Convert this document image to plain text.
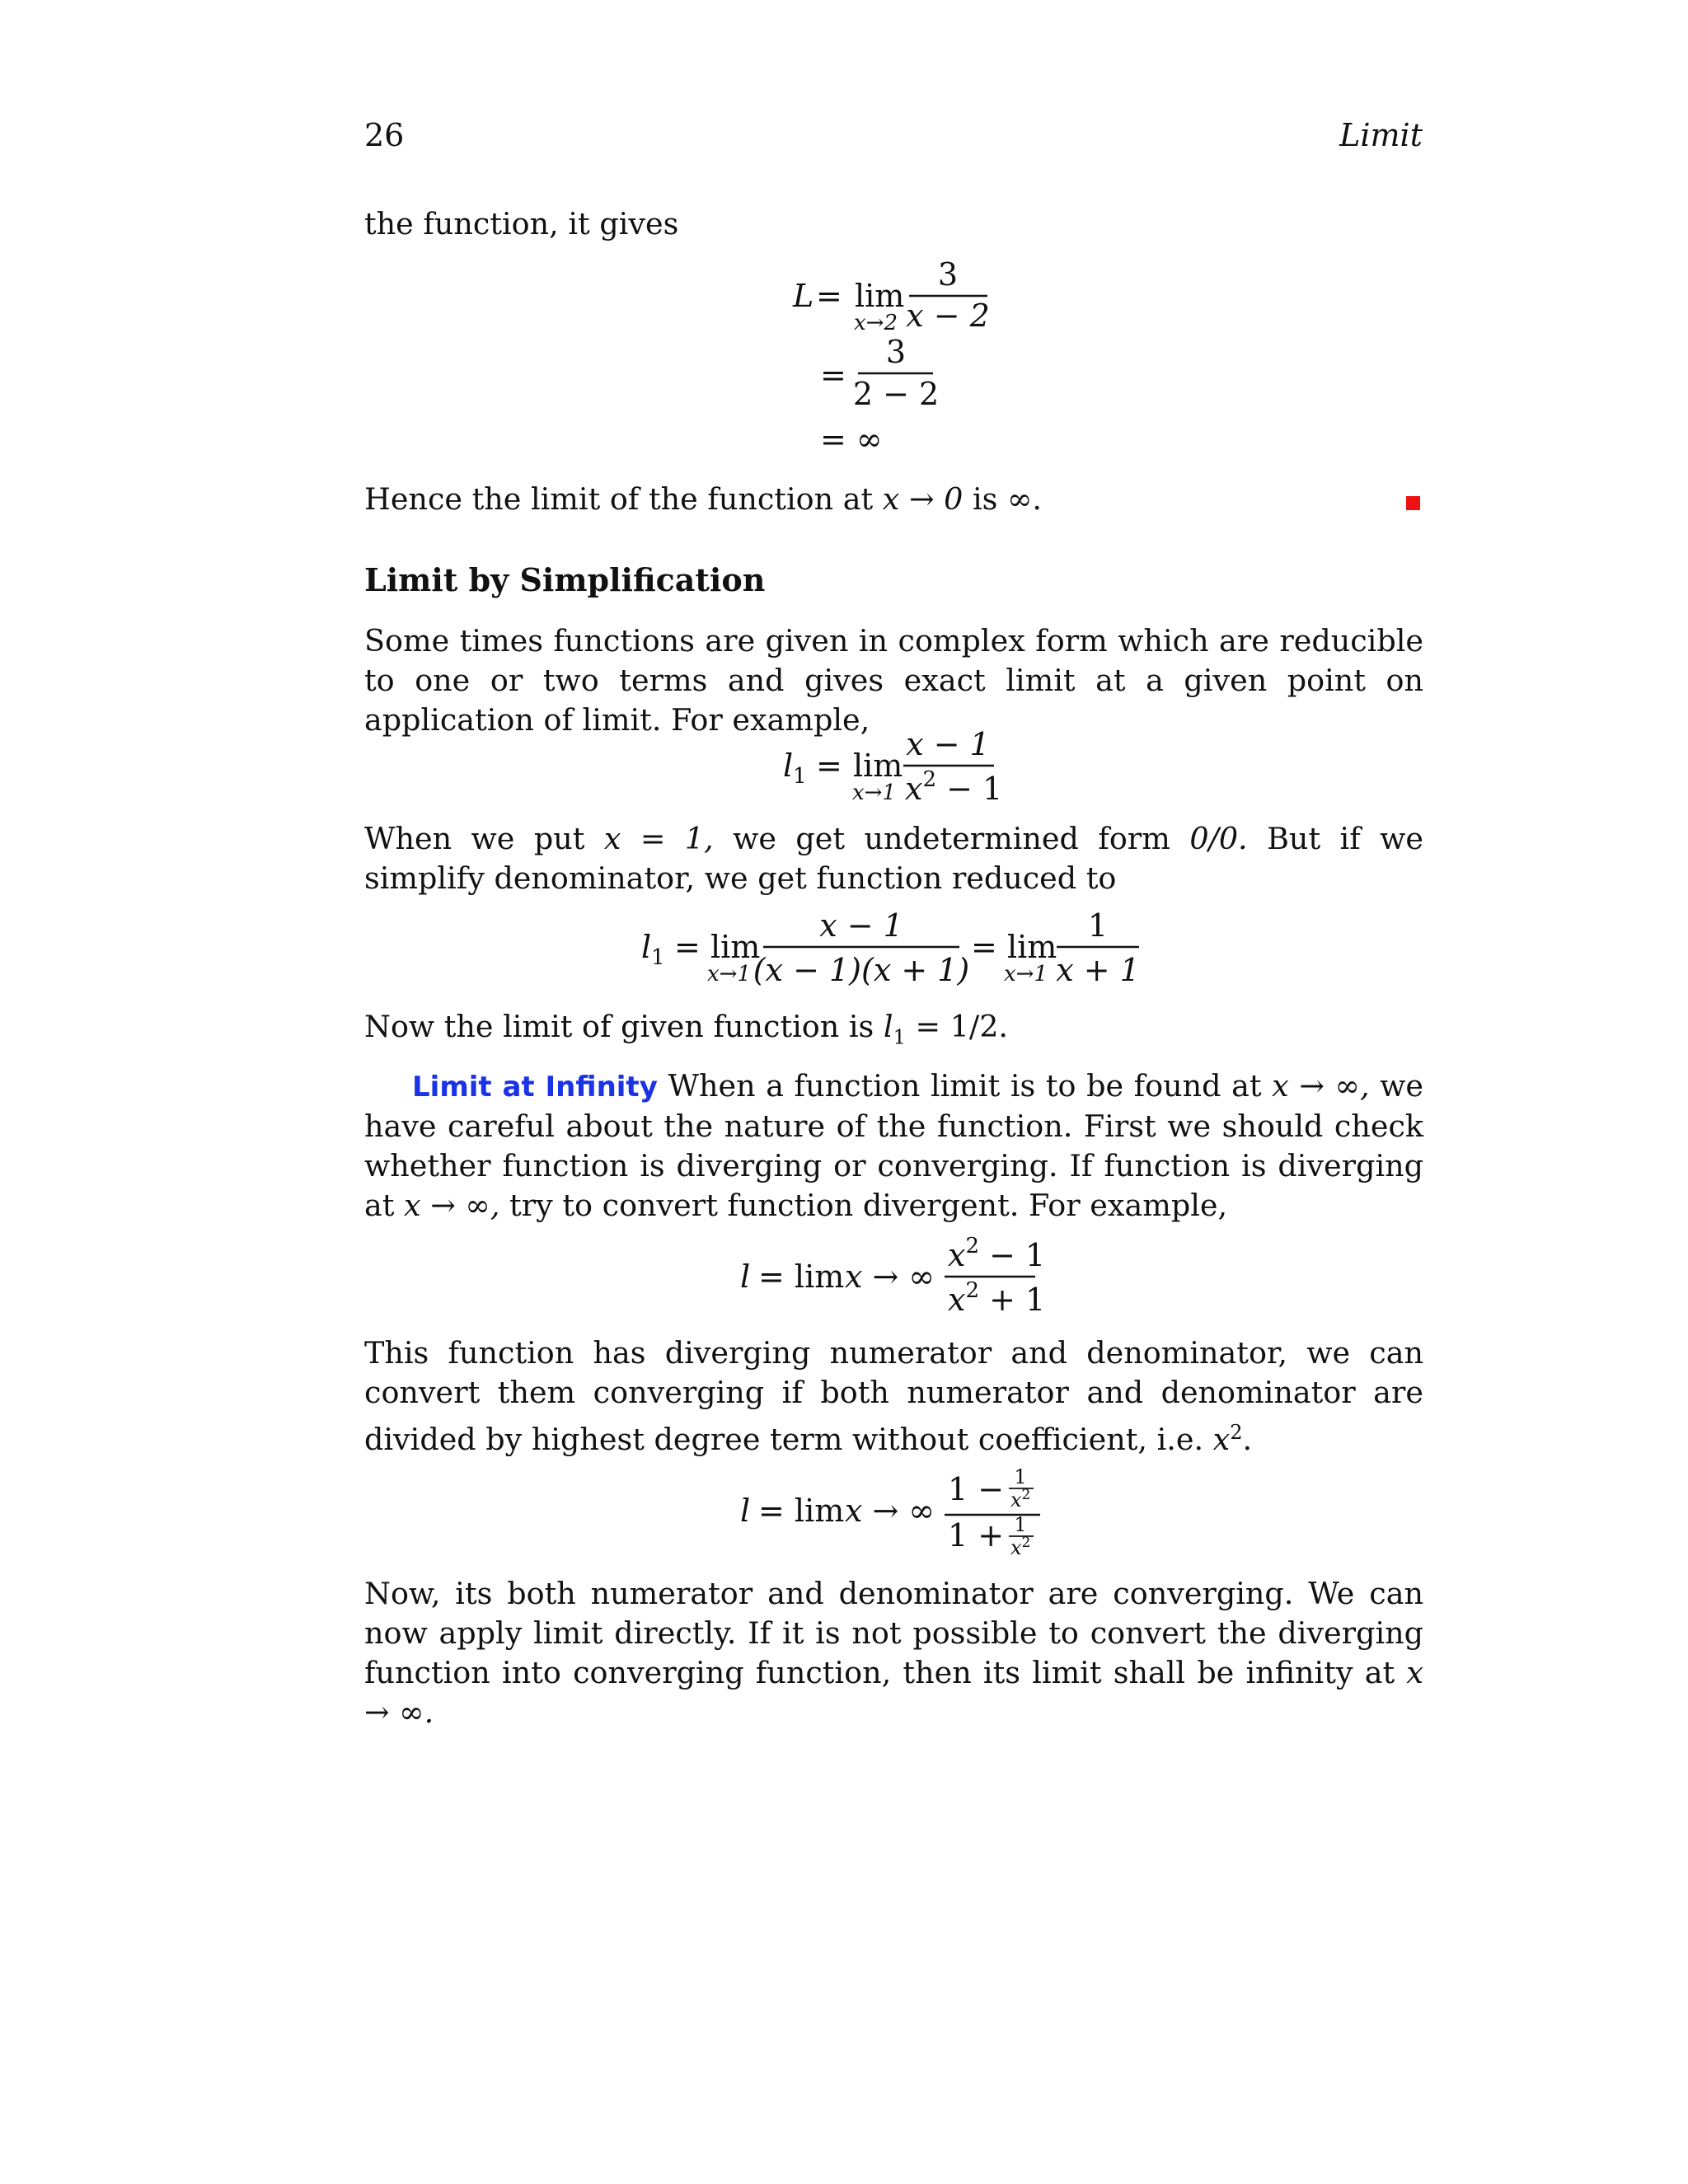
26	Limit

the function, it gives

L = lim
x→2
3
x − 2
=
3
2 − 2
= ∞

Hence the limit of the function at x → 0 is ∞.

Limit by Simplification

Some times functions are given in complex form which are reducible to one or two terms and gives exact limit at a given point on application of limit. For example,

l 1 = lim
x→1
x − 1
$x^2 - 1$

When we put x = 1, we get undetermined form 0/0. But if we simplify denominator, we get function reduced to

l 1 = lim
x→1
x − 1
(x − 1)(x + 1)
= lim
x→1
1
x + 1

Now the limit of given function is $l_1 = 1/2$.

Limit at Infinity When a function limit is to be found at x → ∞, we have careful about the nature of the function. First we should check whether function is diverging or converging. If function is diverging at x → ∞, try to convert function divergent. For example,

l = lim x → ∞
$x^2 - 1$
$x^2 + 1$

This function has diverging numerator and denominator, we can convert them converging if both numerator and denominator are divided by highest degree term without coefficient, i.e. $x^2$.

l = lim x → ∞
1 − 1
$x^2$
1 + 1
$x^2$

Now, its both numerator and denominator are converging. We can now apply limit directly. If it is not possible to convert the diverging function into converging function, then its limit shall be infinity at x → ∞.
